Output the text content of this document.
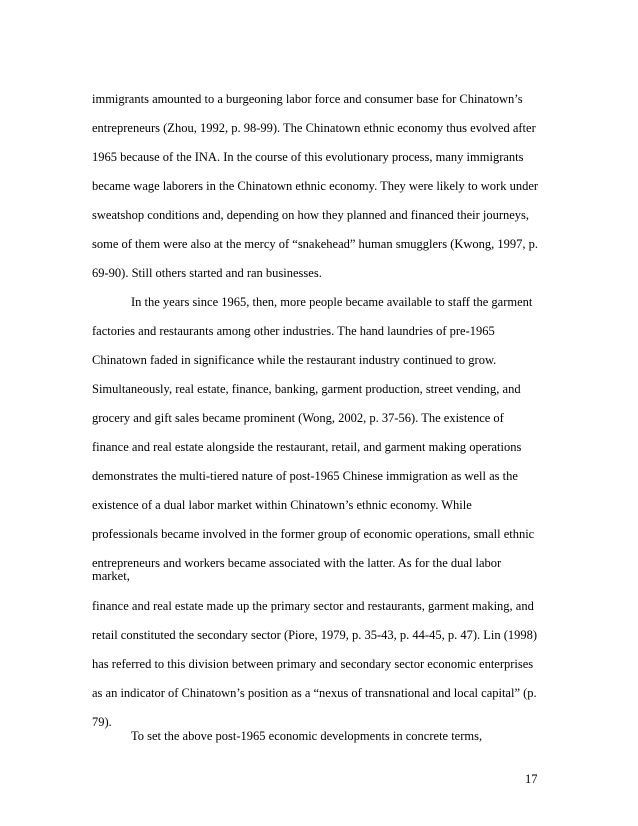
immigrants amounted to a burgeoning labor force and consumer base for Chinatown’s
entrepreneurs (Zhou, 1992, p. 98-99). The Chinatown ethnic economy thus evolved after
1965 because of the INA. In the course of this evolutionary process, many immigrants
became wage laborers in the Chinatown ethnic economy. They were likely to work under
sweatshop conditions and, depending on how they planned and financed their journeys,
some of them were also at the mercy of “snakehead” human smugglers (Kwong, 1997, p.
69-90). Still others started and ran businesses.
In the years since 1965, then, more people became available to staff the garment
factories and restaurants among other industries. The hand laundries of pre-1965
Chinatown faded in significance while the restaurant industry continued to grow.
Simultaneously, real estate, finance, banking, garment production, street vending, and
grocery and gift sales became prominent (Wong, 2002, p. 37-56). The existence of
finance and real estate alongside the restaurant, retail, and garment making operations
demonstrates the multi-tiered nature of post-1965 Chinese immigration as well as the
existence of a dual labor market within Chinatown’s ethnic economy. While
professionals became involved in the former group of economic operations, small ethnic
entrepreneurs and workers became associated with the latter. As for the dual labor
market,
finance and real estate made up the primary sector and restaurants, garment making, and
retail constituted the secondary sector (Piore, 1979, p. 35-43, p. 44-45, p. 47). Lin (1998)
has referred to this division between primary and secondary sector economic enterprises
as an indicator of Chinatown’s position as a “nexus of transnational and local capital” (p.
79).
To set the above post-1965 economic developments in concrete terms,
17
